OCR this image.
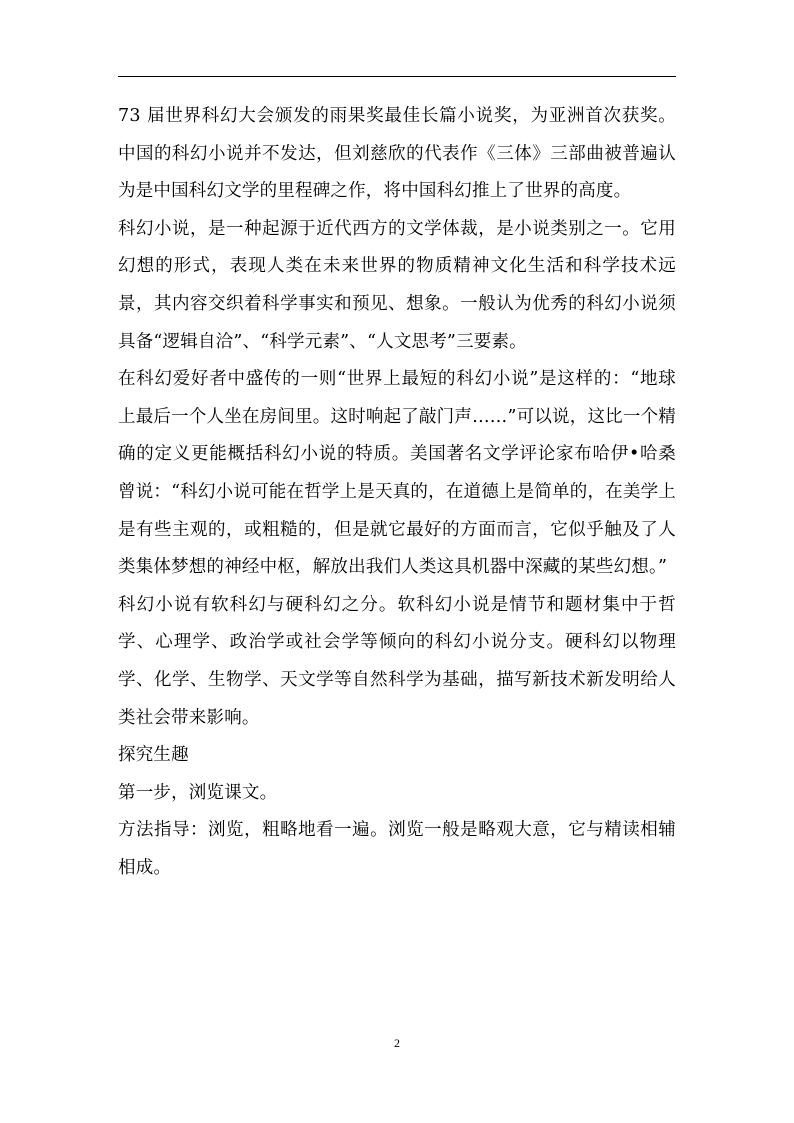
73 届世界科幻大会颁发的雨果奖最佳长篇小说奖，为亚洲首次获奖。中国的科幻小说并不发达，但刘慈欣的代表作《三体》三部曲被普遍认为是中国科幻文学的里程碑之作，将中国科幻推上了世界的高度。

科幻小说，是一种起源于近代西方的文学体裁，是小说类别之一。它用幻想的形式，表现人类在未来世界的物质精神文化生活和科学技术远景，其内容交织着科学事实和预见、想象。一般认为优秀的科幻小说须具备“逻辑自洽”、“科学元素”、“人文思考”三要素。

在科幻爱好者中盛传的一则“世界上最短的科幻小说”是这样的：“地球上最后一个人坐在房间里。这时响起了敲门声……”可以说，这比一个精确的定义更能概括科幻小说的特质。美国著名文学评论家布哈伊•哈桑曾说：“科幻小说可能在哲学上是天真的，在道德上是简单的，在美学上是有些主观的，或粗糙的，但是就它最好的方面而言，它似乎触及了人类集体梦想的神经中枢，解放出我们人类这具机器中深藏的某些幻想。”

科幻小说有软科幻与硬科幻之分。软科幻小说是情节和题材集中于哲学、心理学、政治学或社会学等倾向的科幻小说分支。硬科幻以物理学、化学、生物学、天文学等自然科学为基础，描写新技术新发明给人类社会带来影响。

探究生趣

第一步，浏览课文。

方法指导：浏览，粗略地看一遍。浏览一般是略观大意，它与精读相辅相成。

2
